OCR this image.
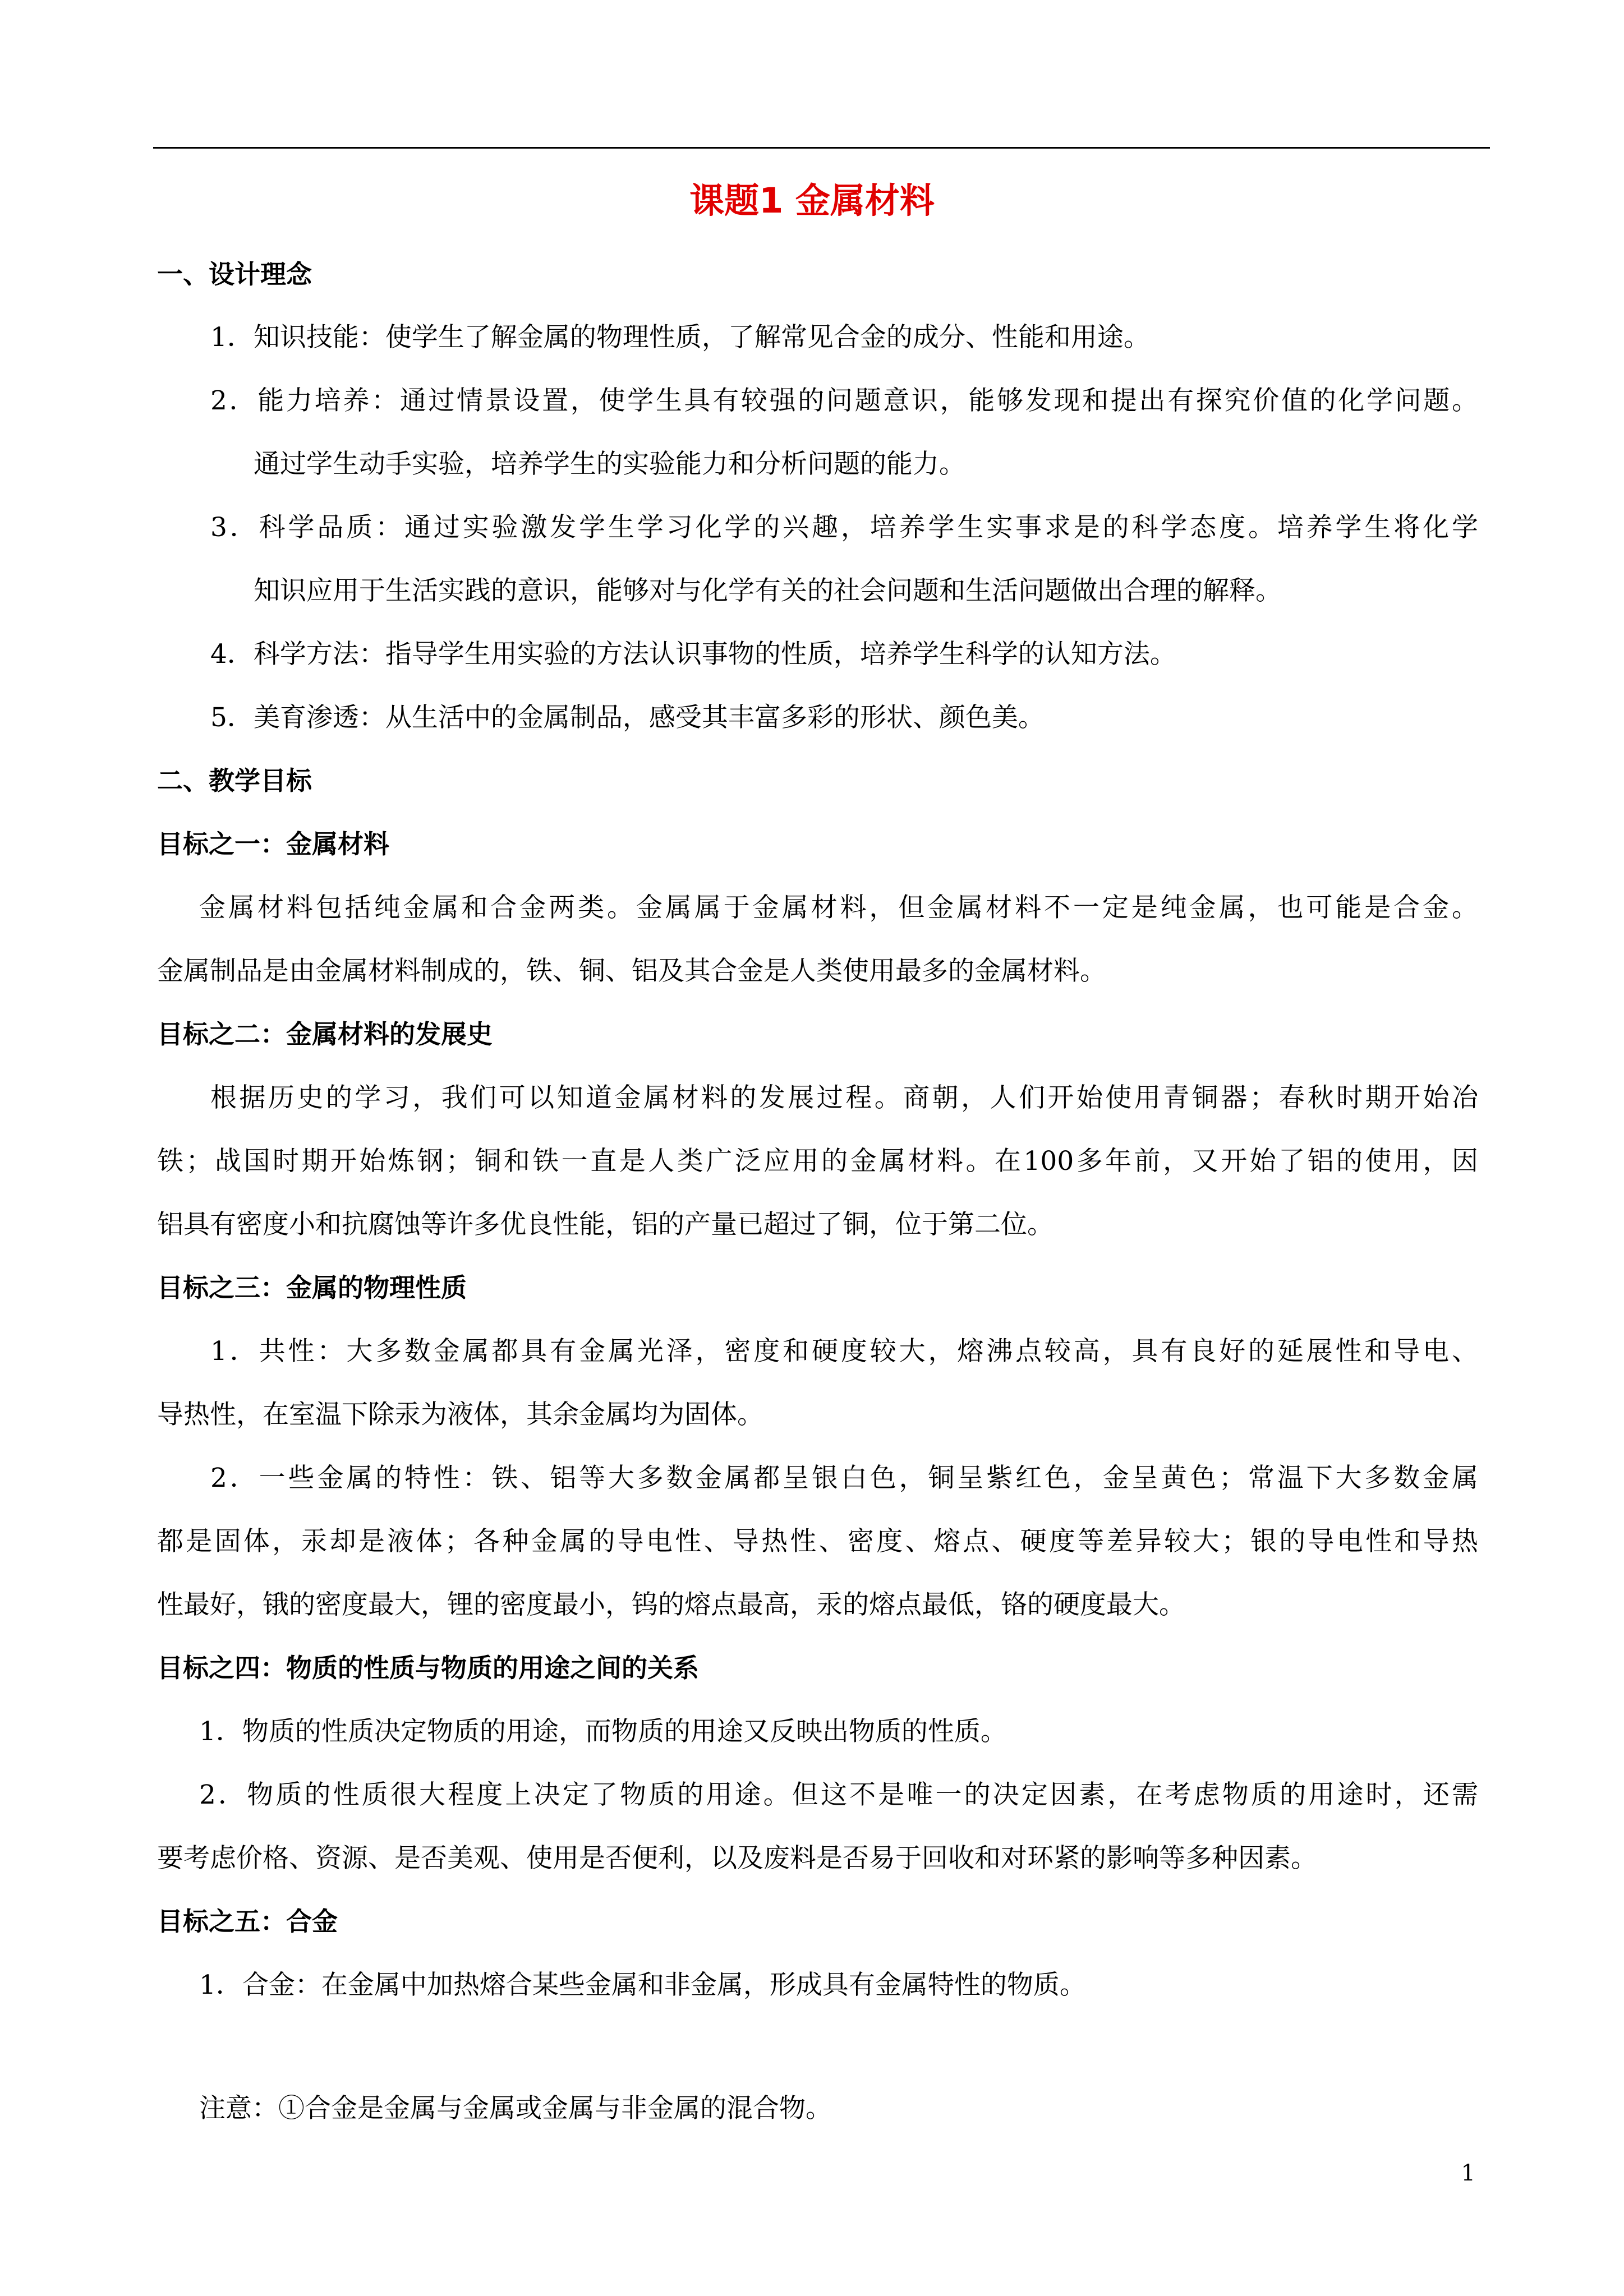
课题1 金属材料
一、设计理念
1．知识技能：使学生了解金属的物理性质，了解常见合金的成分、性能和用途。
2．能力培养：通过情景设置，使学生具有较强的问题意识，能够发现和提出有探究价值的化学问题。
通过学生动手实验，培养学生的实验能力和分析问题的能力。
3．科学品质：通过实验激发学生学习化学的兴趣，培养学生实事求是的科学态度。培养学生将化学
知识应用于生活实践的意识，能够对与化学有关的社会问题和生活问题做出合理的解释。
4．科学方法：指导学生用实验的方法认识事物的性质，培养学生科学的认知方法。
5．美育渗透：从生活中的金属制品，感受其丰富多彩的形状、颜色美。
二、教学目标
目标之一：金属材料
金属材料包括纯金属和合金两类。金属属于金属材料，但金属材料不一定是纯金属，也可能是合金。
金属制品是由金属材料制成的，铁、铜、铝及其合金是人类使用最多的金属材料。
目标之二：金属材料的发展史
根据历史的学习，我们可以知道金属材料的发展过程。商朝，人们开始使用青铜器；春秋时期开始冶
铁；战国时期开始炼钢；铜和铁一直是人类广泛应用的金属材料。在100多年前，又开始了铝的使用，因
铝具有密度小和抗腐蚀等许多优良性能，铝的产量已超过了铜，位于第二位。
目标之三：金属的物理性质
1．共性：大多数金属都具有金属光泽，密度和硬度较大，熔沸点较高，具有良好的延展性和导电、
导热性，在室温下除汞为液体，其余金属均为固体。
2．一些金属的特性：铁、铝等大多数金属都呈银白色，铜呈紫红色，金呈黄色；常温下大多数金属
都是固体，汞却是液体；各种金属的导电性、导热性、密度、熔点、硬度等差异较大；银的导电性和导热
性最好，锇的密度最大，锂的密度最小，钨的熔点最高，汞的熔点最低，铬的硬度最大。
目标之四：物质的性质与物质的用途之间的关系
1．物质的性质决定物质的用途，而物质的用途又反映出物质的性质。
2．物质的性质很大程度上决定了物质的用途。但这不是唯一的决定因素，在考虑物质的用途时，还需
要考虑价格、资源、是否美观、使用是否便利，以及废料是否易于回收和对环紧的影响等多种因素。
目标之五：合金
1．合金：在金属中加热熔合某些金属和非金属，形成具有金属特性的物质。
注意：①合金是金属与金属或金属与非金属的混合物。
1
